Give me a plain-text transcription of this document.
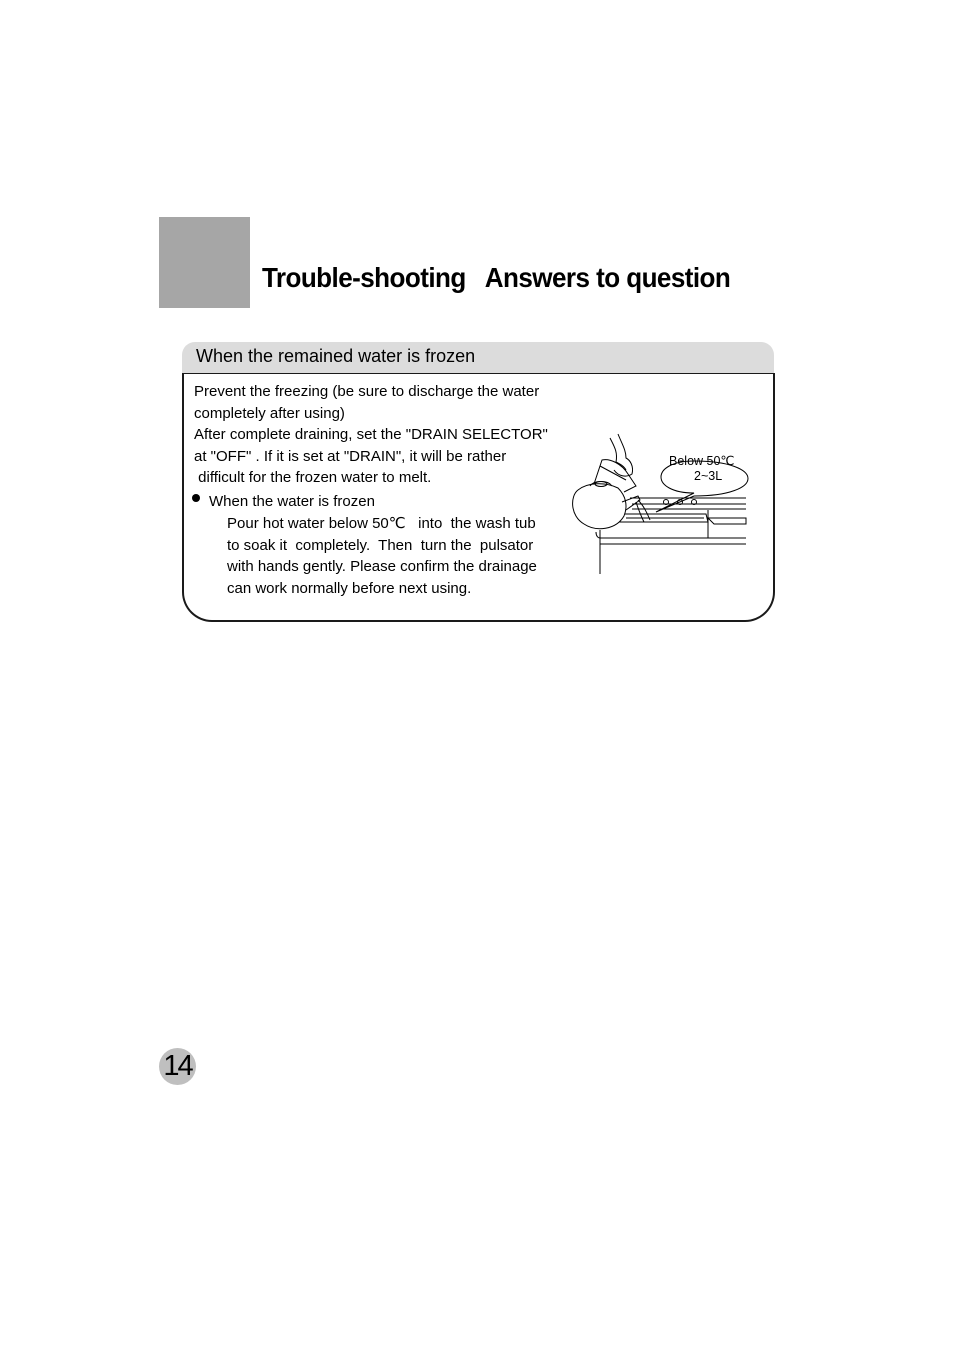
Trouble-shooting   Answers to question
When the remained water is frozen
Prevent the freezing (be sure to discharge the water
completely after using)
After complete draining, set the "DRAIN SELECTOR"
at "OFF" . If it is set at "DRAIN", it will be rather
difficult for the frozen water to melt.
When the water is frozen
Pour hot water below 50℃   into  the wash tub
to soak it  completely.  Then  turn the  pulsator
with hands gently. Please confirm the drainage
can work normally before next using.
Below 50℃
2~3L
14
